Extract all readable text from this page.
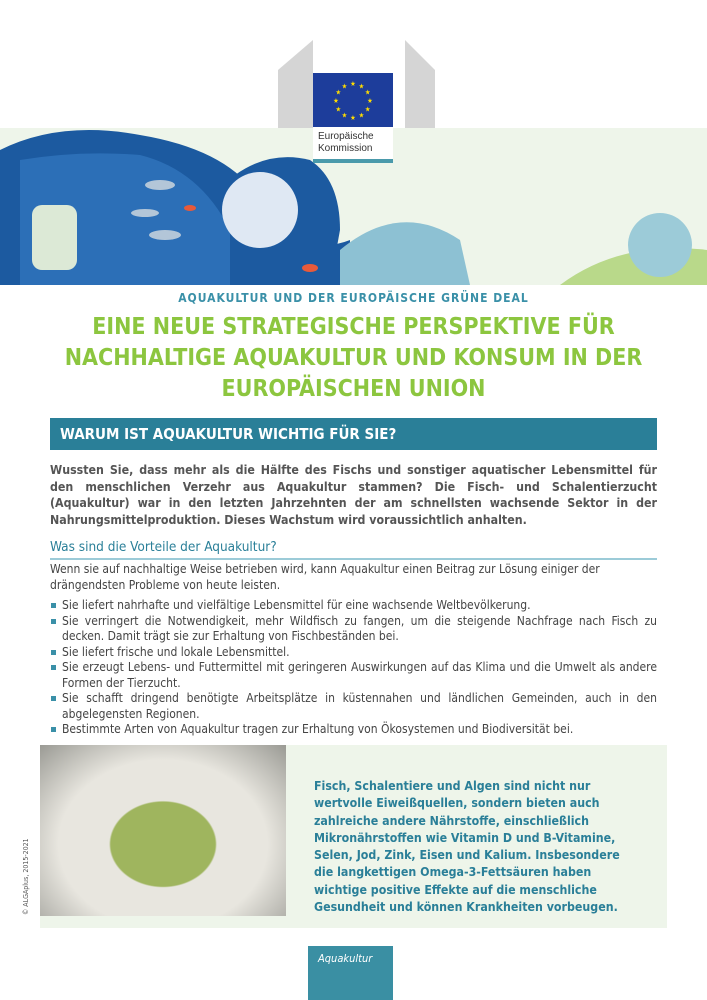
★ ★
★
★
★
★
★
★
★
★
★
★
Europäische
Kommission
AQUAKULTUR UND DER EUROPÄISCHE GRÜNE DEAL
EINE NEUE STRATEGISCHE PERSPEKTIVE FÜR NACHHALTIGE AQUAKULTUR UND KONSUM IN DER EUROPÄISCHEN UNION
WARUM IST AQUAKULTUR WICHTIG FÜR SIE?

Wussten Sie, dass mehr als die Hälfte des Fischs und sonstiger aquatischer Lebensmittel für den menschlichen Verzehr aus Aquakultur stammen? Die Fisch- und Schalentierzucht (Aquakultur) war in den letzten Jahrzehnten der am schnellsten wachsende Sektor in der Nahrungsmittelproduktion. Dieses Wachstum wird voraussichtlich anhalten.

Was sind die Vorteile der Aquakultur?

Wenn sie auf nachhaltige Weise betrieben wird, kann Aquakultur einen Beitrag zur Lösung einiger der drängendsten Probleme von heute leisten.

Sie liefert nahrhafte und vielfältige Lebensmittel für eine wachsende Weltbevölkerung.
Sie verringert die Notwendigkeit, mehr Wildfisch zu fangen, um die steigende Nachfrage nach Fisch zu decken. Damit trägt sie zur Erhaltung von Fischbeständen bei.
Sie liefert frische und lokale Lebensmittel.
Sie erzeugt Lebens- und Futtermittel mit geringeren Auswirkungen auf das Klima und die Umwelt als andere Formen der Tierzucht.
Sie schafft dringend benötigte Arbeitsplätze in küstennahen und ländlichen Gemeinden, auch in den abgelegensten Regionen.
Bestimmte Arten von Aquakultur tragen zur Erhaltung von Ökosystemen und Biodiversität bei.
© ALGAplus, 2015-2021

Fisch, Schalentiere und Algen sind nicht nur wertvolle Eiweißquellen, sondern bieten auch zahlreiche andere Nährstoffe, einschließlich Mikronährstoffen wie Vitamin D und B-Vitamine, Selen, Jod, Zink, Eisen und Kalium. Insbesondere die langkettigen Omega-3-Fettsäuren haben wichtige positive Effekte auf die menschliche Gesundheit und können Krankheiten vorbeugen.

Aquakultur
